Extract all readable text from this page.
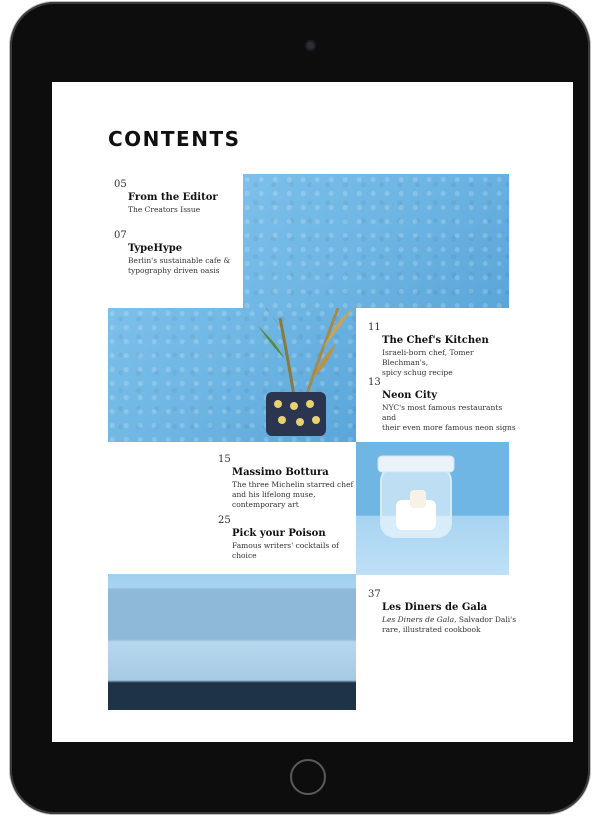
CONTENTS
05
From the Editor
The Creators Issue
07
TypeHype
Berlin's sustainable cafe &
typography driven oasis
11
The Chef's Kitchen
Israeli-born chef, Tomer Blechman's,
spicy schug recipe
13
Neon City
NYC's most famous restaurants and
their even more famous neon signs
15
Massimo Bottura
The three Michelin starred chef
and his lifelong muse,
contemporary art
25
Pick your Poison
Famous writers' cocktails of
choice
37
Les Diners de Gala
Les Diners de Gala, Salvador Dali's
rare, illustrated cookbook
